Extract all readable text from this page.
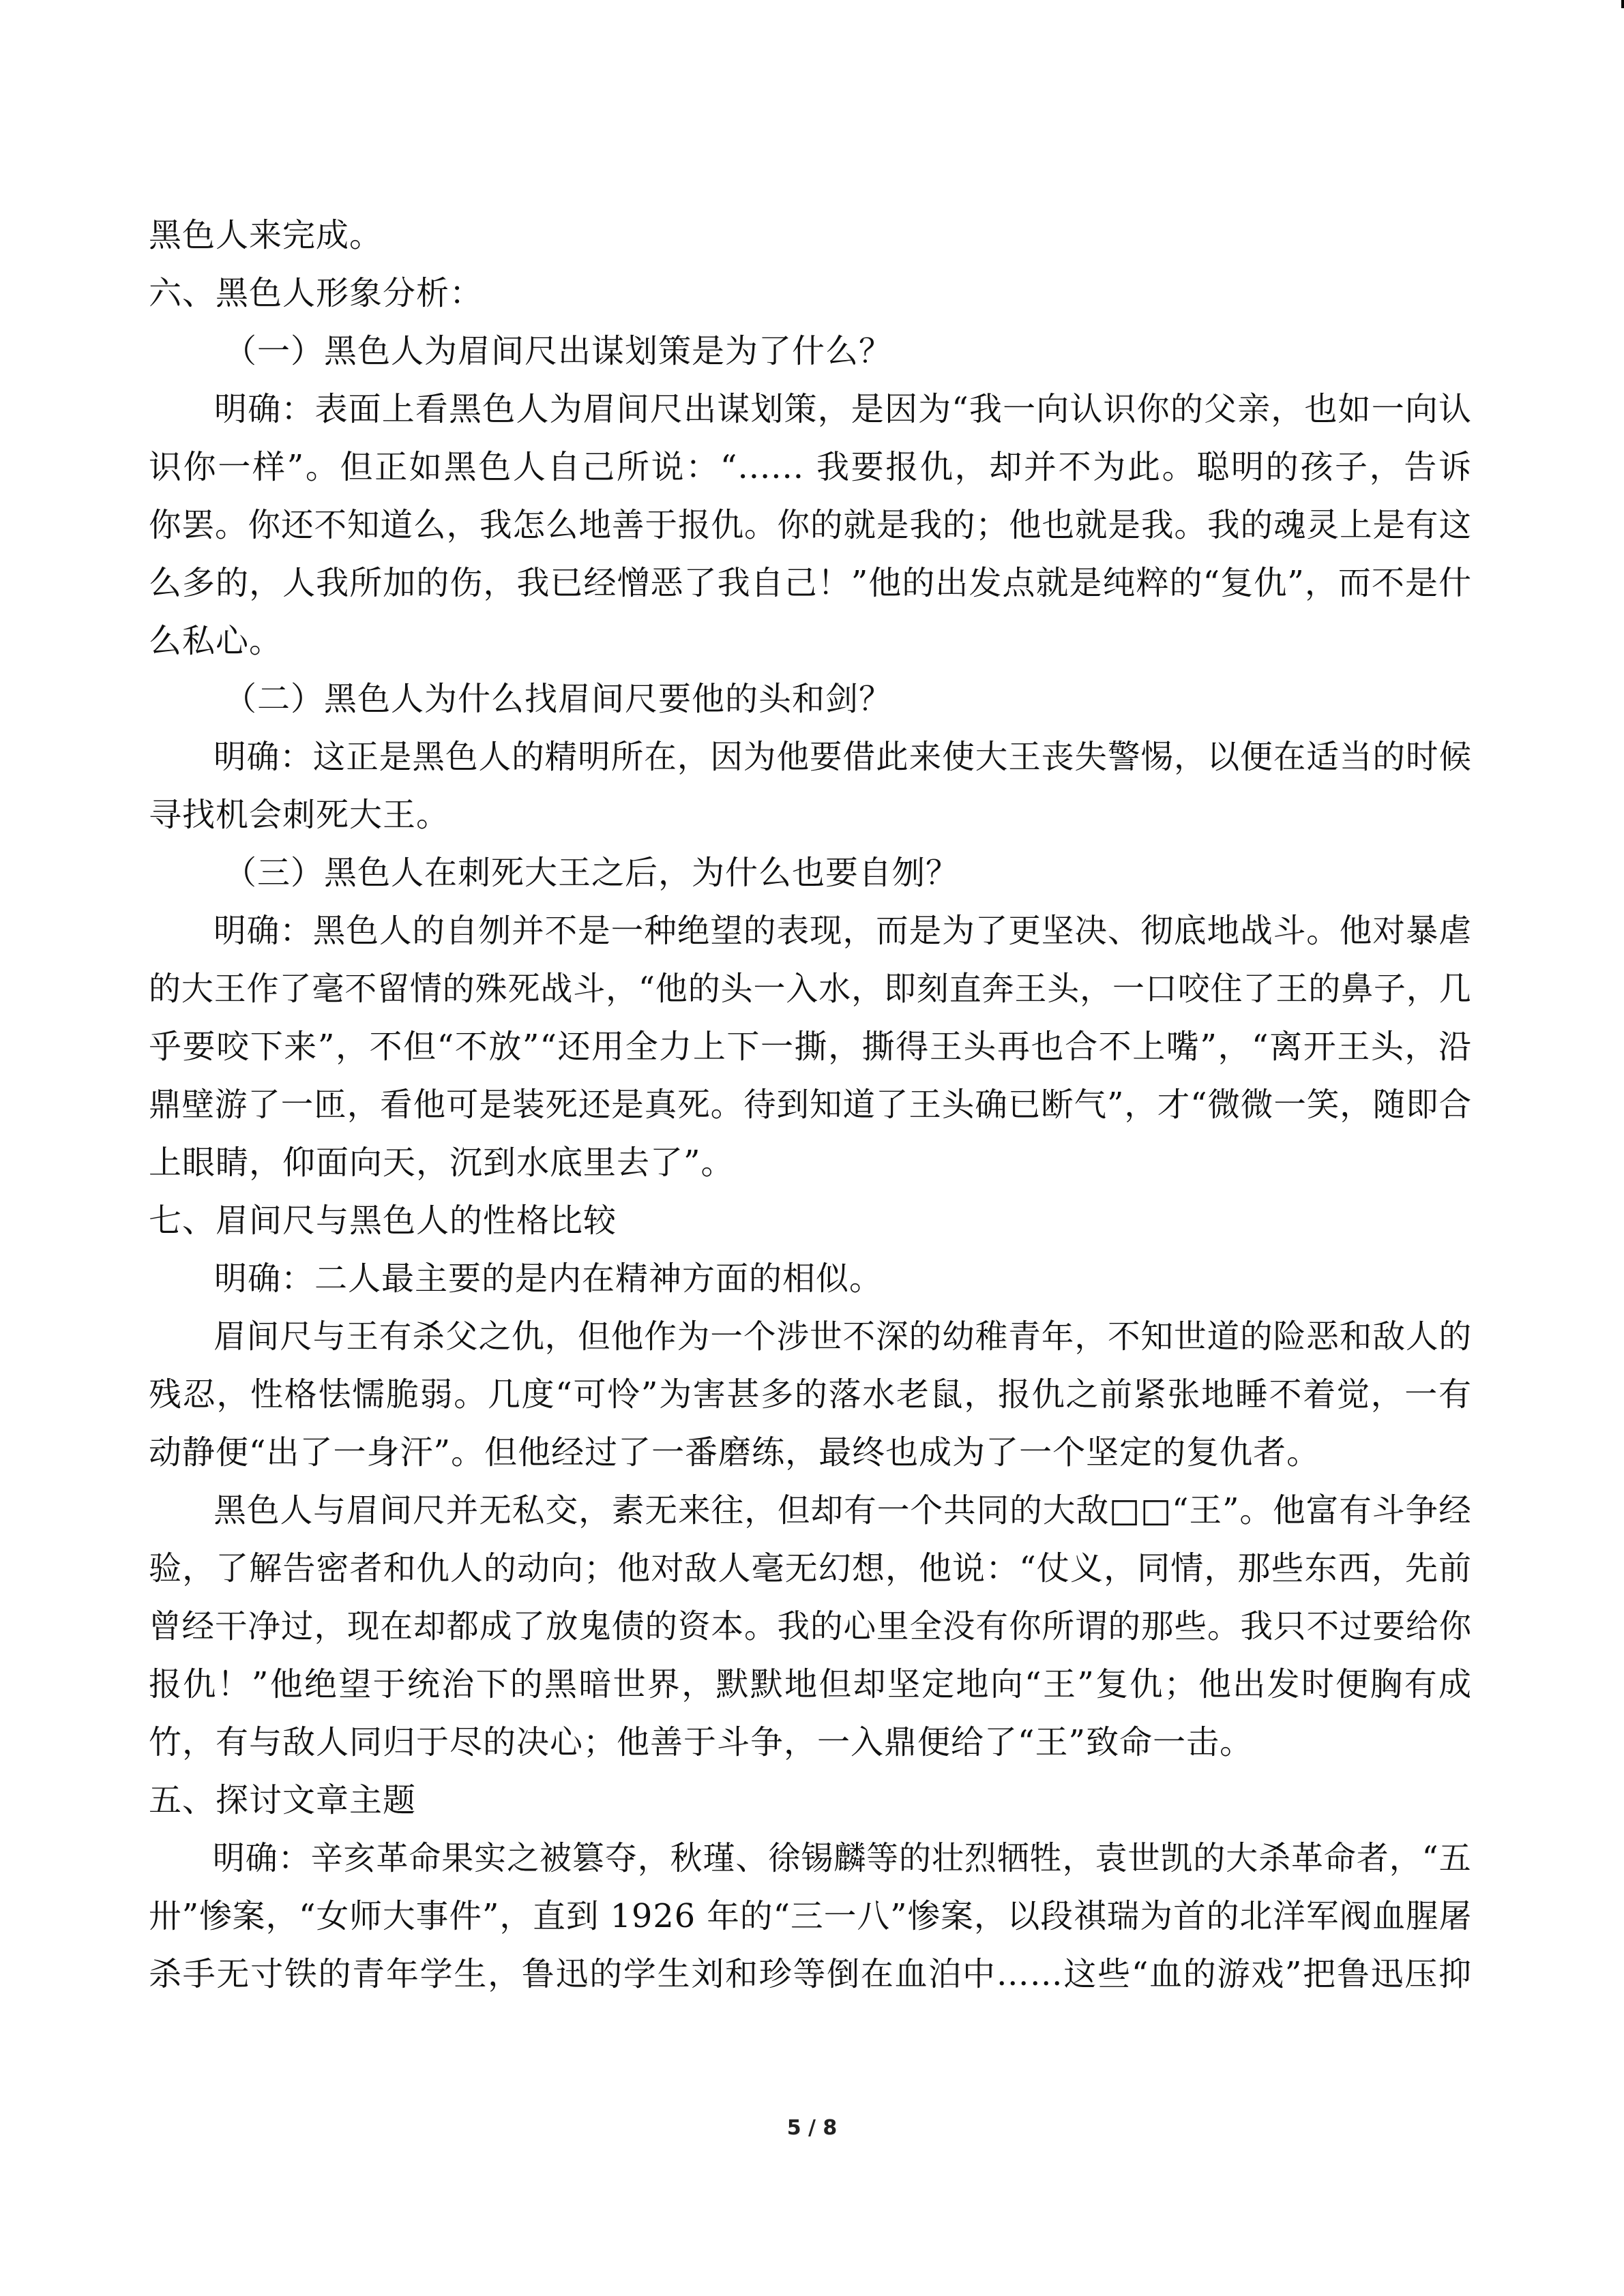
黑色人来完成。
六、黑色人形象分析：
（一）黑色人为眉间尺出谋划策是为了什么？
明确：表面上看黑色人为眉间尺出谋划策，是因为“我一向认识你的父亲，也如一向认
识你一样”。但正如黑色人自己所说：“...... 我要报仇，却并不为此。聪明的孩子，告诉
你罢。你还不知道么，我怎么地善于报仇。你的就是我的；他也就是我。我的魂灵上是有这
么多的，人我所加的伤，我已经憎恶了我自己！”他的出发点就是纯粹的“复仇”，而不是什
么私心。
（二）黑色人为什么找眉间尺要他的头和剑？
明确：这正是黑色人的精明所在，因为他要借此来使大王丧失警惕，以便在适当的时候
寻找机会刺死大王。
（三）黑色人在刺死大王之后，为什么也要自刎？
明确：黑色人的自刎并不是一种绝望的表现，而是为了更坚决、彻底地战斗。他对暴虐
的大王作了毫不留情的殊死战斗，“他的头一入水，即刻直奔王头，一口咬住了王的鼻子，几
乎要咬下来”，不但“不放”“还用全力上下一撕，撕得王头再也合不上嘴”，“离开王头，沿
鼎壁游了一匝，看他可是装死还是真死。待到知道了王头确已断气”，才“微微一笑，随即合
上眼睛，仰面向天，沉到水底里去了”。
七、眉间尺与黑色人的性格比较
明确：二人最主要的是内在精神方面的相似。
眉间尺与王有杀父之仇，但他作为一个涉世不深的幼稚青年，不知世道的险恶和敌人的
残忍，性格怯懦脆弱。几度“可怜”为害甚多的落水老鼠，报仇之前紧张地睡不着觉，一有
动静便“出了一身汗”。但他经过了一番磨练，最终也成为了一个坚定的复仇者。
黑色人与眉间尺并无私交，素无来往，但却有一个共同的大敌□□“王”。他富有斗争经
验，了解告密者和仇人的动向；他对敌人毫无幻想，他说：“仗义，同情，那些东西，先前
曾经干净过，现在却都成了放鬼债的资本。我的心里全没有你所谓的那些。我只不过要给你
报仇！”他绝望于统治下的黑暗世界，默默地但却坚定地向“王”复仇；他出发时便胸有成
竹，有与敌人同归于尽的决心；他善于斗争，一入鼎便给了“王”致命一击。
五、探讨文章主题
明确：辛亥革命果实之被篡夺，秋瑾、徐锡麟等的壮烈牺牲，袁世凯的大杀革命者，“五
卅”惨案，“女师大事件”，直到 1926 年的“三一八”惨案，以段祺瑞为首的北洋军阀血腥屠
杀手无寸铁的青年学生，鲁迅的学生刘和珍等倒在血泊中……这些“血的游戏”把鲁迅压抑
5 / 8
